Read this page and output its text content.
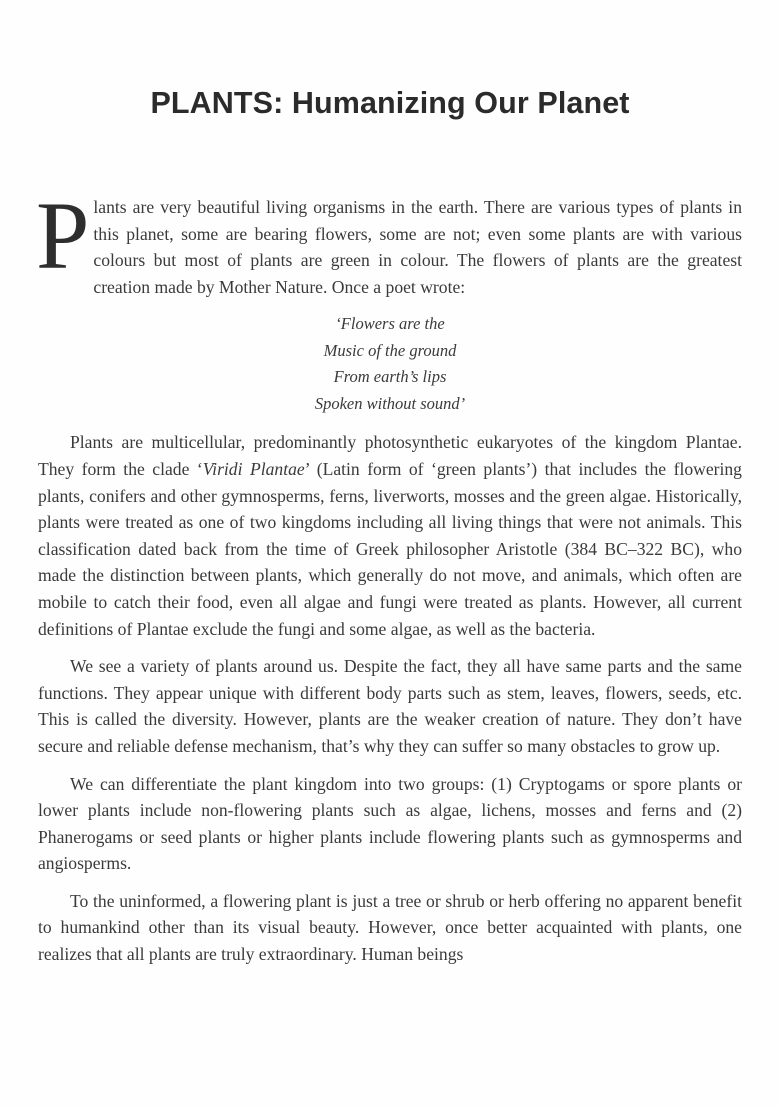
PLANTS: Humanizing Our Planet

Plants are very beautiful living organisms in the earth. There are various types of plants in this planet, some are bearing flowers, some are not; even some plants are with various colours but most of plants are green in colour. The flowers of plants are the greatest creation made by Mother Nature. Once a poet wrote:

‘Flowers are the
Music of the ground
From earth’s lips
Spoken without sound’

Plants are multicellular, predominantly photosynthetic eukaryotes of the kingdom Plantae. They form the clade ‘Viridi Plantae’ (Latin form of ‘green plants’) that includes the flowering plants, conifers and other gymnosperms, ferns, liverworts, mosses and the green algae. Historically, plants were treated as one of two kingdoms including all living things that were not animals. This classification dated back from the time of Greek philosopher Aristotle (384 BC–322 BC), who made the distinction between plants, which generally do not move, and animals, which often are mobile to catch their food, even all algae and fungi were treated as plants. However, all current definitions of Plantae exclude the fungi and some algae, as well as the bacteria.

We see a variety of plants around us. Despite the fact, they all have same parts and the same functions. They appear unique with different body parts such as stem, leaves, flowers, seeds, etc. This is called the diversity. However, plants are the weaker creation of nature. They don’t have secure and reliable defense mechanism, that’s why they can suffer so many obstacles to grow up.

We can differentiate the plant kingdom into two groups: (1) Cryptogams or spore plants or lower plants include non-flowering plants such as algae, lichens, mosses and ferns and (2) Phanerogams or seed plants or higher plants include flowering plants such as gymnosperms and angiosperms.

To the uninformed, a flowering plant is just a tree or shrub or herb offering no apparent benefit to humankind other than its visual beauty. However, once better acquainted with plants, one realizes that all plants are truly extraordinary. Human beings
